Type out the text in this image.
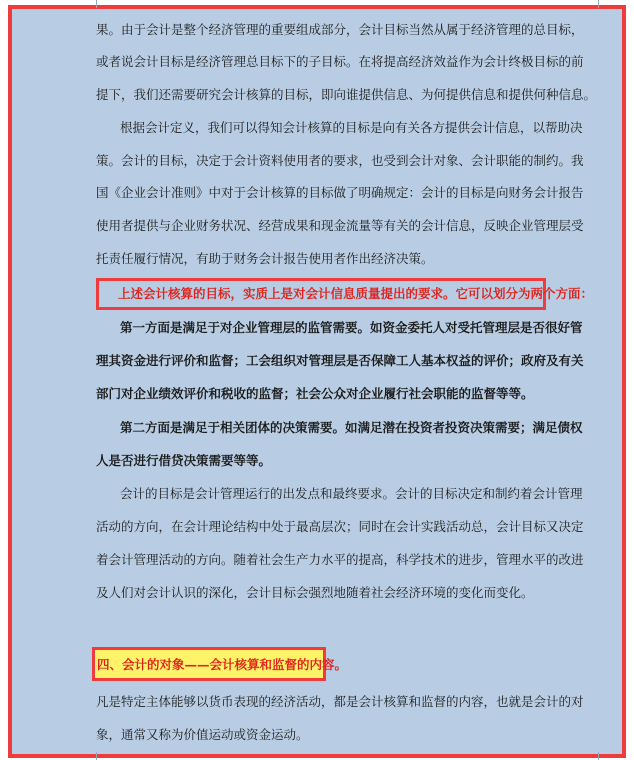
果。由于会计是整个经济管理的重要组成部分，会计目标当然从属于经济管理的总目标，
或者说会计目标是经济管理总目标下的子目标。在将提高经济效益作为会计终极目标的前
提下，我们还需要研究会计核算的目标，即向谁提供信息、为何提供信息和提供何种信息。
根据会计定义，我们可以得知会计核算的目标是向有关各方提供会计信息，以帮助决
策。会计的目标，决定于会计资料使用者的要求，也受到会计对象、会计职能的制约。我
国《企业会计准则》中对于会计核算的目标做了明确规定：会计的目标是向财务会计报告
使用者提供与企业财务状况、经营成果和现金流量等有关的会计信息，反映企业管理层受
托责任履行情况，有助于财务会计报告使用者作出经济决策。
上述会计核算的目标，实质上是对会计信息质量提出的要求。它可以划分为两个方面：
第一方面是满足于对企业管理层的监管需要。如资金委托人对受托管理层是否很好管
理其资金进行评价和监督；工会组织对管理层是否保障工人基本权益的评价；政府及有关
部门对企业绩效评价和税收的监督；社会公众对企业履行社会职能的监督等等。
第二方面是满足于相关团体的决策需要。如满足潜在投资者投资决策需要；满足债权
人是否进行借贷决策需要等等。
会计的目标是会计管理运行的出发点和最终要求。会计的目标决定和制约着会计管理
活动的方向，在会计理论结构中处于最高层次；同时在会计实践活动总，会计目标又决定
着会计管理活动的方向。随着社会生产力水平的提高，科学技术的进步，管理水平的改进
及人们对会计认识的深化，会计目标会强烈地随着社会经济环境的变化而变化。
四、会计的对象——会计核算和监督的内容。
凡是特定主体能够以货币表现的经济活动，都是会计核算和监督的内容，也就是会计的对
象，通常又称为价值运动或资金运动。
